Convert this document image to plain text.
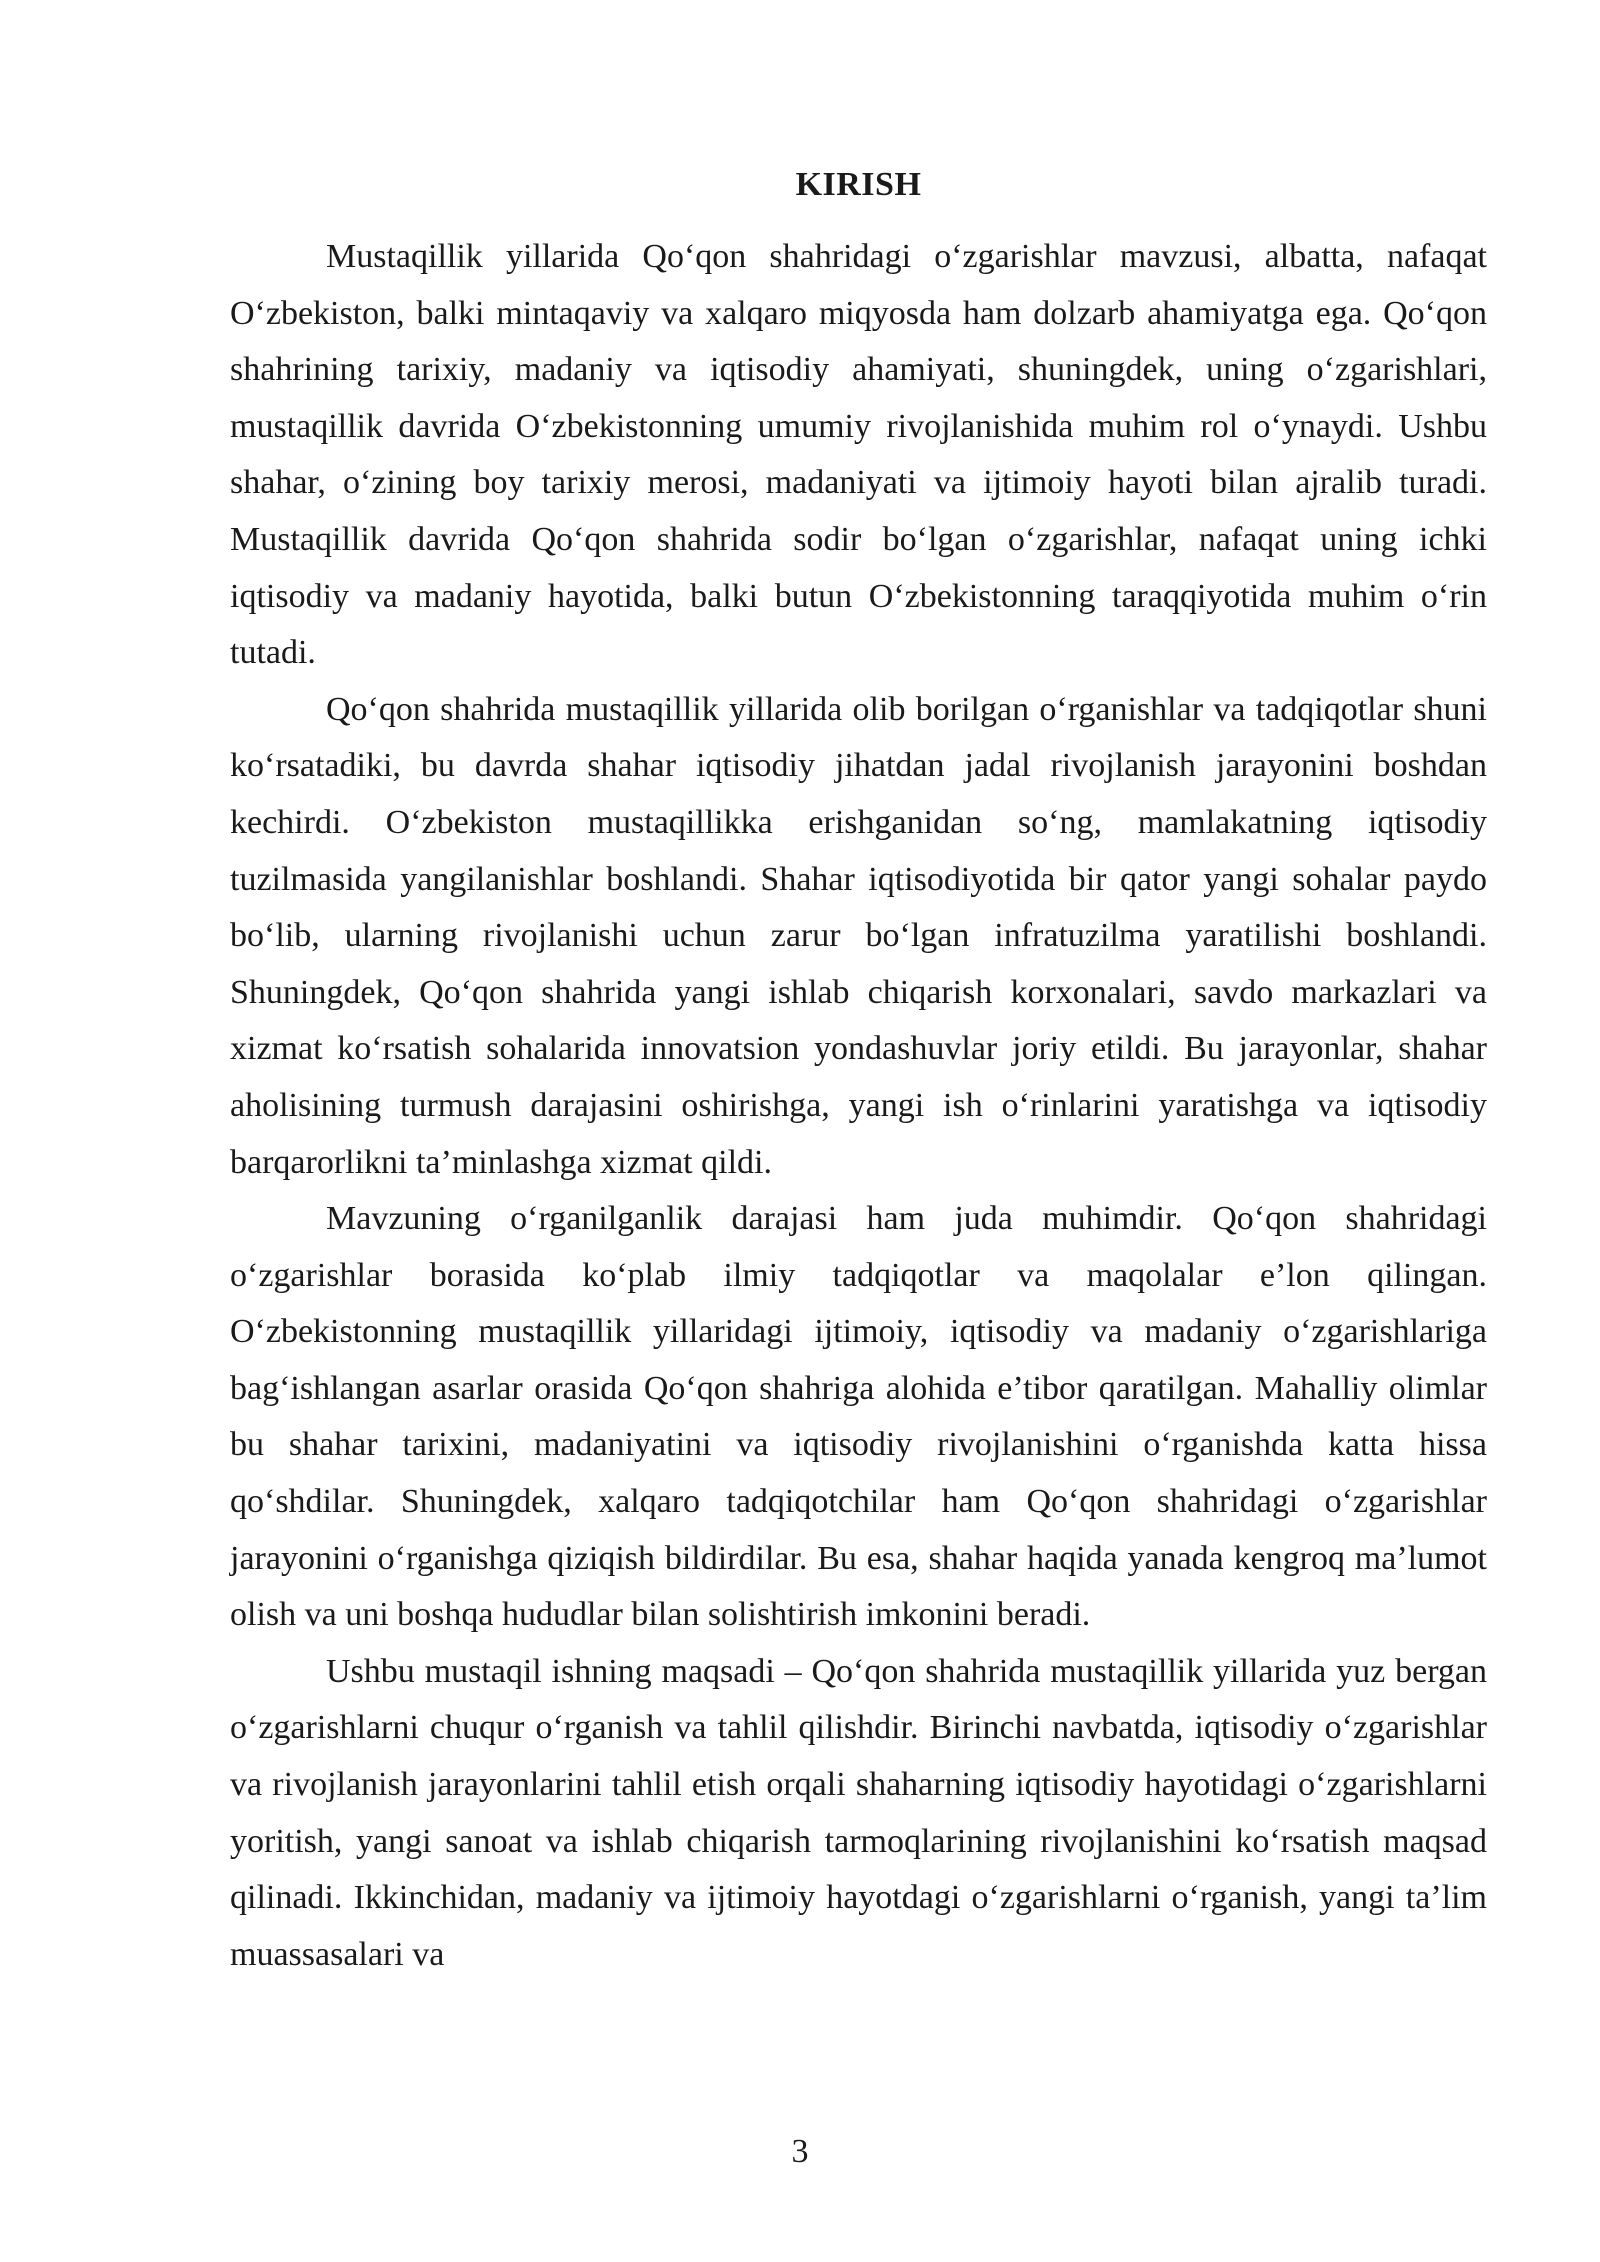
KIRISH

Mustaqillik yillarida Qo‘qon shahridagi o‘zgarishlar mavzusi, albatta, nafaqat O‘zbekiston, balki mintaqaviy va xalqaro miqyosda ham dolzarb ahamiyatga ega. Qo‘qon shahrining tarixiy, madaniy va iqtisodiy ahamiyati, shuningdek, uning o‘zgarishlari, mustaqillik davrida O‘zbekistonning umumiy rivojlanishida muhim rol o‘ynaydi. Ushbu shahar, o‘zining boy tarixiy merosi, madaniyati va ijtimoiy hayoti bilan ajralib turadi. Mustaqillik davrida Qo‘qon shahrida sodir bo‘lgan o‘zgarishlar, nafaqat uning ichki iqtisodiy va madaniy hayotida, balki butun O‘zbekistonning taraqqiyotida muhim o‘rin tutadi.

Qo‘qon shahrida mustaqillik yillarida olib borilgan o‘rganishlar va tadqiqotlar shuni ko‘rsatadiki, bu davrda shahar iqtisodiy jihatdan jadal rivojlanish jarayonini boshdan kechirdi. O‘zbekiston mustaqillikka erishganidan so‘ng, mamlakatning iqtisodiy tuzilmasida yangilanishlar boshlandi. Shahar iqtisodiyotida bir qator yangi sohalar paydo bo‘lib, ularning rivojlanishi uchun zarur bo‘lgan infratuzilma yaratilishi boshlandi. Shuningdek, Qo‘qon shahrida yangi ishlab chiqarish korxonalari, savdo markazlari va xizmat ko‘rsatish sohalarida innovatsion yondashuvlar joriy etildi. Bu jarayonlar, shahar aholisining turmush darajasini oshirishga, yangi ish o‘rinlarini yaratishga va iqtisodiy barqarorlikni ta’minlashga xizmat qildi.

Mavzuning o‘rganilganlik darajasi ham juda muhimdir. Qo‘qon shahridagi o‘zgarishlar borasida ko‘plab ilmiy tadqiqotlar va maqolalar e’lon qilingan. O‘zbekistonning mustaqillik yillaridagi ijtimoiy, iqtisodiy va madaniy o‘zgarishlariga bag‘ishlangan asarlar orasida Qo‘qon shahriga alohida e’tibor qaratilgan. Mahalliy olimlar bu shahar tarixini, madaniyatini va iqtisodiy rivojlanishini o‘rganishda katta hissa qo‘shdilar. Shuningdek, xalqaro tadqiqotchilar ham Qo‘qon shahridagi o‘zgarishlar jarayonini o‘rganishga qiziqish bildirdilar. Bu esa, shahar haqida yanada kengroq ma’lumot olish va uni boshqa hududlar bilan solishtirish imkonini beradi.

Ushbu mustaqil ishning maqsadi – Qo‘qon shahrida mustaqillik yillarida yuz bergan o‘zgarishlarni chuqur o‘rganish va tahlil qilishdir. Birinchi navbatda, iqtisodiy o‘zgarishlar va rivojlanish jarayonlarini tahlil etish orqali shaharning iqtisodiy hayotidagi o‘zgarishlarni yoritish, yangi sanoat va ishlab chiqarish tarmoqlarining rivojlanishini ko‘rsatish maqsad qilinadi. Ikkinchidan, madaniy va ijtimoiy hayotdagi o‘zgarishlarni o‘rganish, yangi ta’lim muassasalari va

3
